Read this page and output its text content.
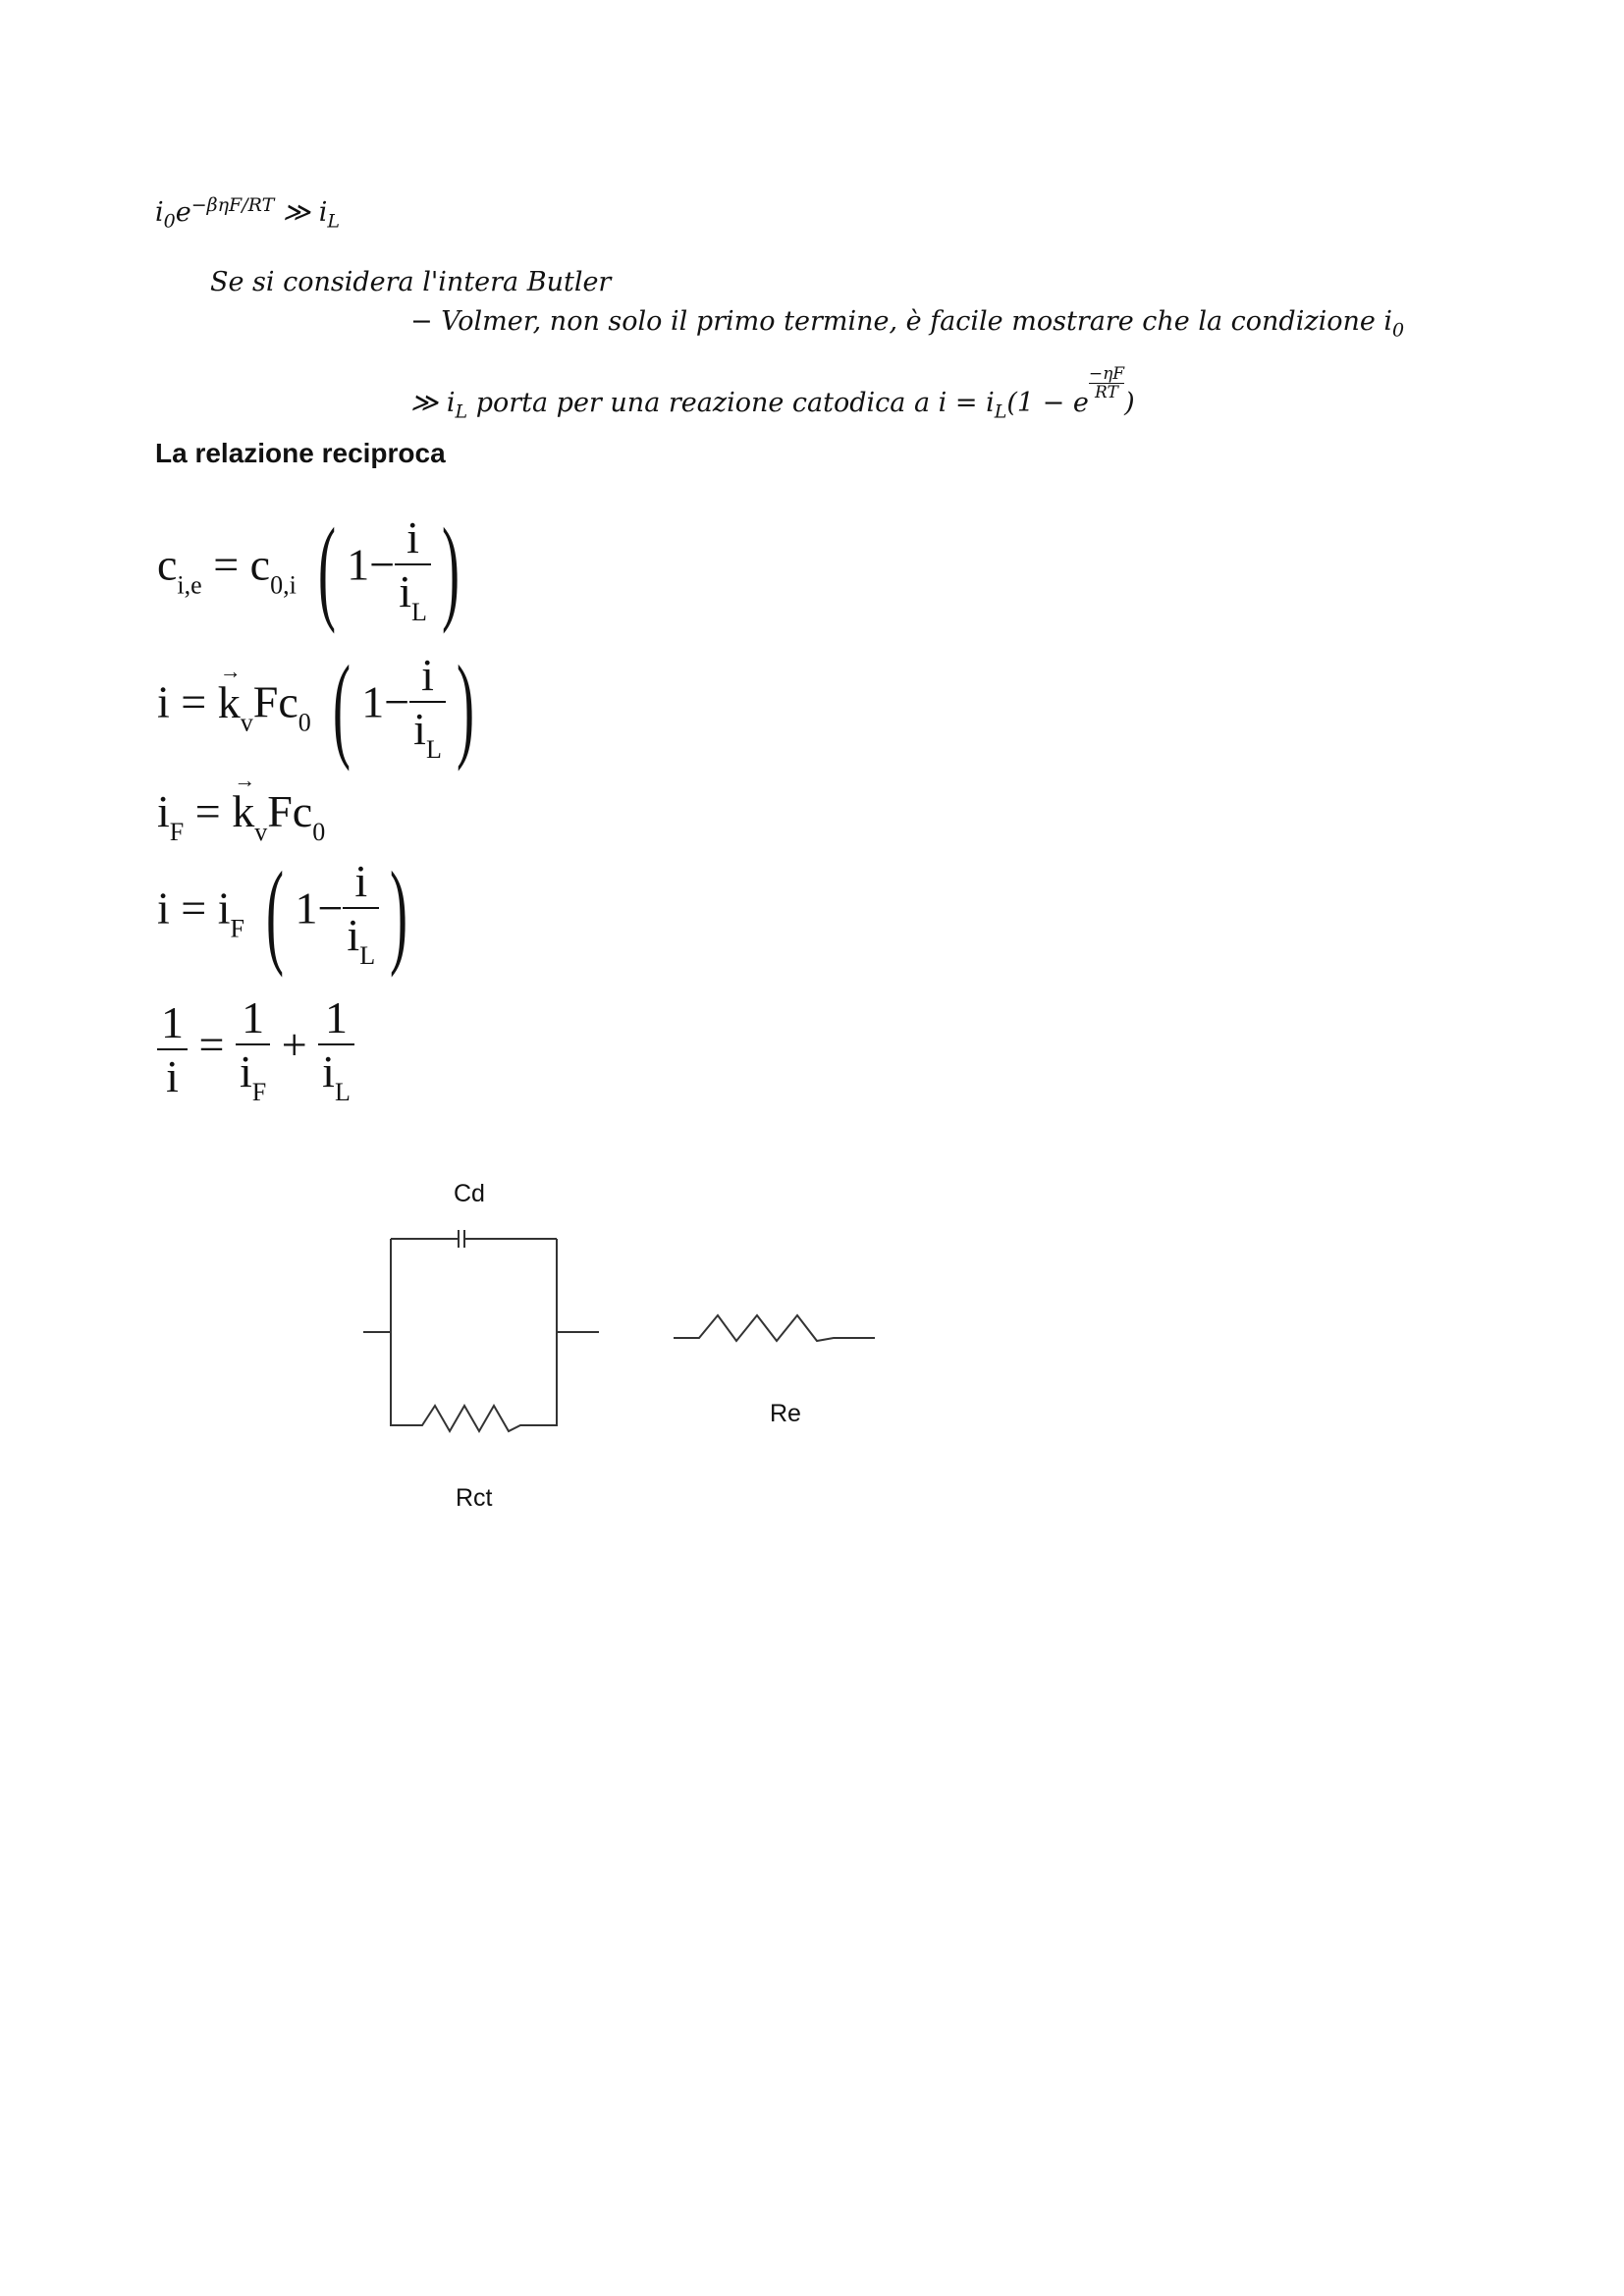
$i_0e^{-\beta\eta F/RT}$ ≫ $i_L$
Se si considera l'intera Butler
− Volmer, non solo il primo termine, è facile mostrare che la condizione $i_0$
≫ $i_L$ porta per una reazione catodica a $i = i_L(1 - e$
$\frac{-\eta F}{RT}$
)
La relazione reciproca
$c_{i,e} = c_{0,i}$ ( $1- \frac{i}{i_L}$ )
i = → $k_vFc_0$ ( $1- \frac{i}{i_L}$ )
$i_F$ = → $k_vFc_0$
$i = i_F$ ( $1- \frac{i}{i_L}$ )
$\frac{1}{i} = \frac{1}{i_F} + \frac{1}{i_L}$
Cd
Rct
Re
